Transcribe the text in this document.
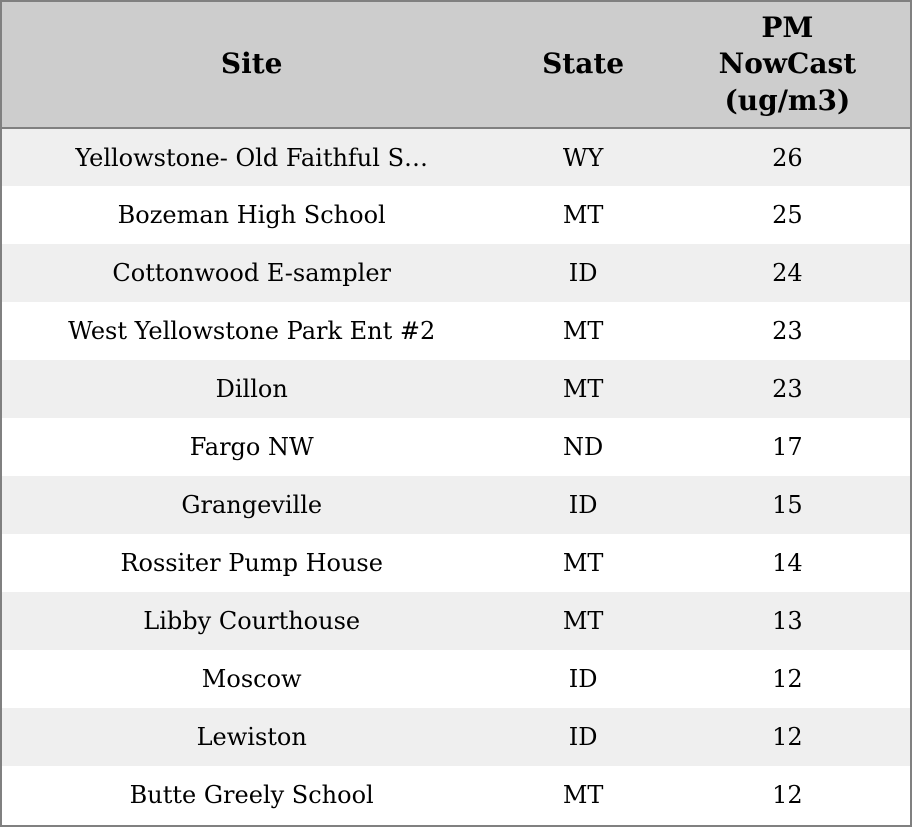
Site	State	PM NowCast (ug/m3)
Yellowstone- Old Faithful S…	WY	26
Bozeman High School	MT	25
Cottonwood E-sampler	ID	24
West Yellowstone Park Ent #2	MT	23
Dillon	MT	23
Fargo NW	ND	17
Grangeville	ID	15
Rossiter Pump House	MT	14
Libby Courthouse	MT	13
Moscow	ID	12
Lewiston	ID	12
Butte Greely School	MT	12
